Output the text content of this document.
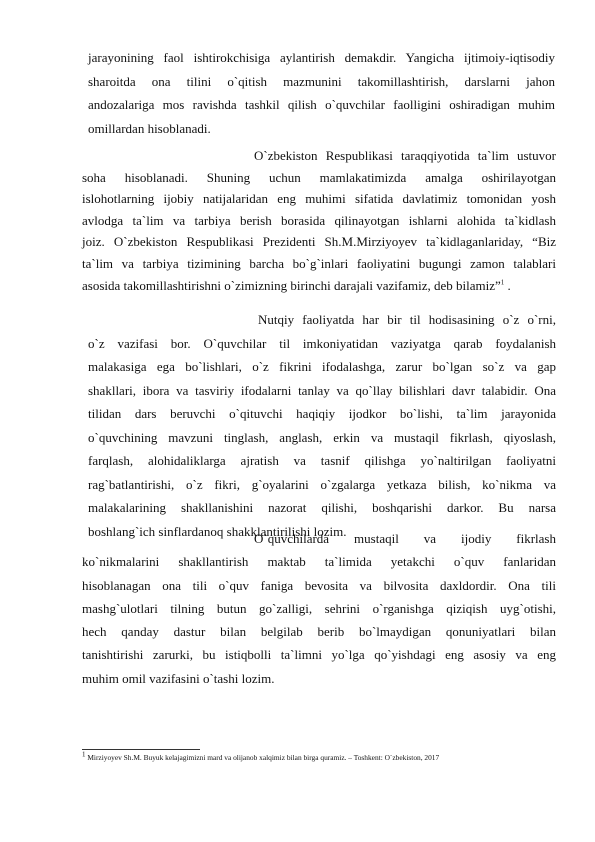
jarayonining faol ishtirokchisiga aylantirish demakdir. Yangicha ijtimoiy-iqtisodiy
sharoitda ona tilini o`qitish mazmunini takomillashtirish, darslarni jahon
andozalariga mos ravishda tashkil qilish o`quvchilar faolligini oshiradigan muhim
omillardan hisoblanadi.
O`zbekiston Respublikasi taraqqiyotida ta`lim ustuvor
soha hisoblanadi. Shuning uchun mamlakatimizda amalga oshirilayotgan
islohotlarning ijobiy natijalaridan eng muhimi sifatida davlatimiz tomonidan yosh
avlodga ta`lim va tarbiya berish borasida qilinayotgan ishlarni alohida ta`kidlash
joiz. O`zbekiston Respublikasi Prezidenti Sh.M.Mirziyoyev ta`kidlaganlariday, “Biz
ta`lim va tarbiya tizimining barcha bo`g`inlari faoliyatini bugungi zamon talablari
asosida takomillashtirishni o`zimizning birinchi darajali vazifamiz, deb bilamiz”$^1$ .
Nutqiy faoliyatda har bir til hodisasining o`z o`rni,
o`z vazifasi bor. O`quvchilar til imkoniyatidan vaziyatga qarab foydalanish
malakasiga ega bo`lishlari, o`z fikrini ifodalashga, zarur bo`lgan so`z va gap
shakllari, ibora va tasviriy ifodalarni tanlay va qo`llay bilishlari davr talabidir. Ona
tilidan dars beruvchi o`qituvchi haqiqiy ijodkor bo`lishi, ta`lim jarayonida
o`quvchining mavzuni tinglash, anglash, erkin va mustaqil fikrlash, qiyoslash,
farqlash, alohidaliklarga ajratish va tasnif qilishga yo`naltirilgan faoliyatni
rag`batlantirishi, o`z fikri, g`oyalarini o`zgalarga yetkaza bilish, ko`nikma va
malakalarining shakllanishini nazorat qilishi, boshqarishi darkor. Bu narsa
boshlang`ich sinflardanoq shakklantirilishi lozim.
O`quvchilarda mustaqil va ijodiy fikrlash
ko`nikmalarini shakllantirish maktab ta`limida yetakchi o`quv fanlaridan
hisoblanagan ona tili o`quv faniga bevosita va bilvosita daxldordir. Ona tili
mashg`ulotlari tilning butun go`zalligi, sehrini o`rganishga qiziqish uyg`otishi,
hech qanday dastur bilan belgilab berib bo`lmaydigan qonuniyatlari bilan
tanishtirishi zarurki, bu istiqbolli ta`limni yo`lga qo`yishdagi eng asosiy va eng
muhim omil vazifasini o`tashi lozim.
$^1$ Mirziyoyev Sh.M. Buyuk kelajagimizni mard va olijanob xalqimiz bilan birga quramiz. – Toshkent: O`zbekiston, 2017
